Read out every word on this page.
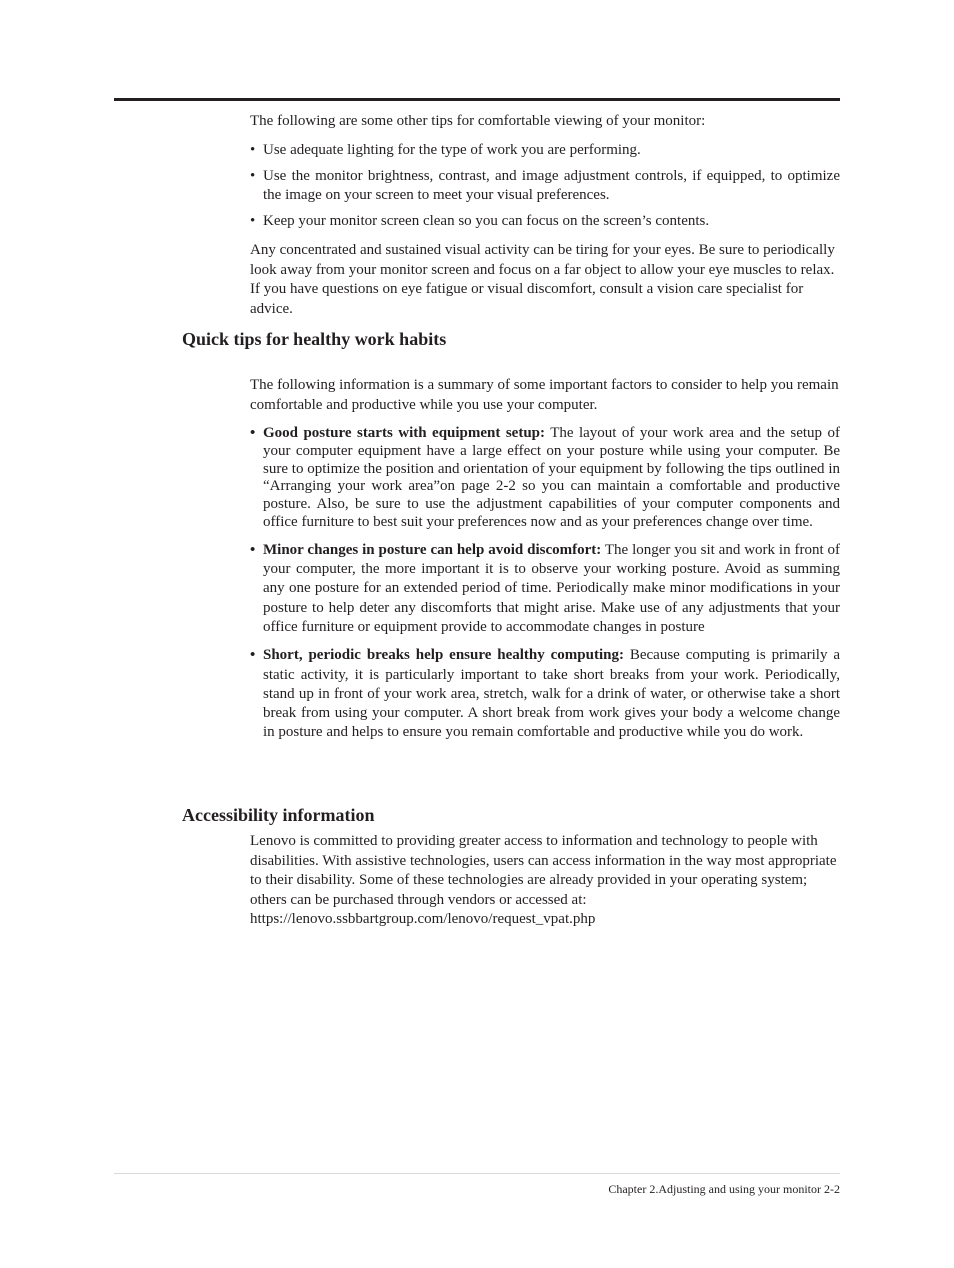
The following are some other tips for comfortable viewing of your monitor:

• Use adequate lighting for the type of work you are performing.
• Use the monitor brightness, contrast, and image adjustment controls, if equipped, to optimize the image on your screen to meet your visual preferences.
• Keep your monitor screen clean so you can focus on the screen’s contents.

Any concentrated and sustained visual activity can be tiring for your eyes. Be sure to periodically look away from your monitor screen and focus on a far object to allow your eye muscles to relax. If you have questions on eye fatigue or visual discomfort, consult a vision care specialist for advice.

Quick tips for healthy work habits

The following information is a summary of some important factors to consider to help you remain comfortable and productive while you use your computer.

• Good posture starts with equipment setup: The layout of your work area and the setup of your computer equipment have a large effect on your posture while using your computer. Be sure to optimize the position and orientation of your equipment by following the tips outlined in “Arranging your work area”on page 2-2 so you can maintain a comfortable and productive posture. Also, be sure to use the adjustment capabilities of your computer components and office furniture to best suit your preferences now and as your preferences change over time.
• Minor changes in posture can help avoid discomfort: The longer you sit and work in front of your computer, the more important it is to observe your working posture. Avoid as summing any one posture for an extended period of time. Periodically make minor modifications in your posture to help deter any discomforts that might arise. Make use of any adjustments that your office furniture or equipment provide to accommodate changes in posture
• Short, periodic breaks help ensure healthy computing: Because computing is primarily a static activity, it is particularly important to take short breaks from your work. Periodically, stand up in front of your work area, stretch, walk for a drink of water, or otherwise take a short break from using your computer. A short break from work gives your body a welcome change in posture and helps to ensure you remain comfortable and productive while you do work.
Accessibility information

Lenovo is committed to providing greater access to information and technology to people with disabilities. With assistive technologies, users can access information in the way most appropriate to their disability. Some of these technologies are already provided in your operating system; others can be purchased through vendors or accessed at:

https://lenovo.ssbbartgroup.com/lenovo/request_vpat.php

Chapter 2.Adjusting and using your monitor 2-2
